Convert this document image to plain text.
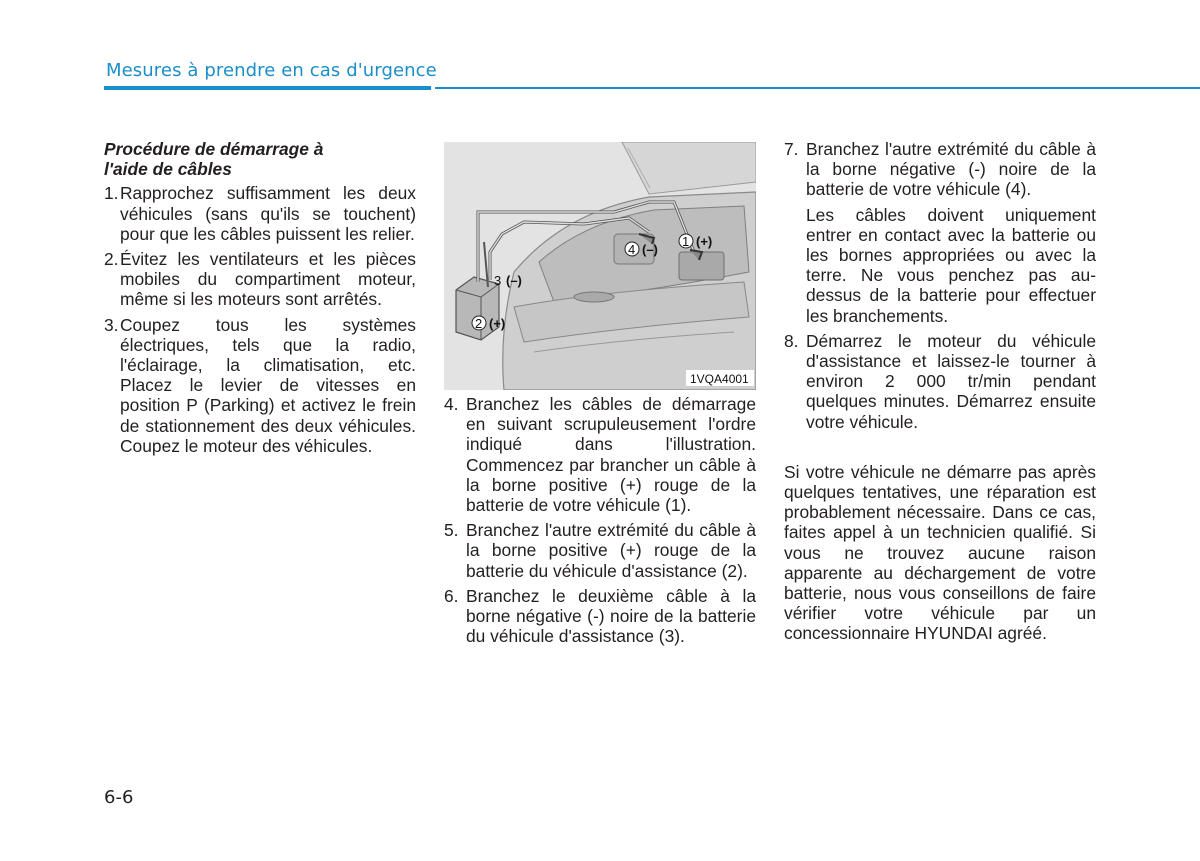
Mesures à prendre en cas d'urgence

Procédure de démarrage à
l'aide de câbles

1. Rapprochez suffisamment les deux véhicules (sans qu'ils se touchent) pour que les câbles puissent les relier.
2. Évitez les ventilateurs et les pièces mobiles du compartiment moteur, même si les moteurs sont arrêtés.
3. Coupez tous les systèmes électriques, tels que la radio, l'éclairage, la climatisation, etc. Placez le levier de vitesses en position P (Parking) et activez le frein de stationnement des deux véhicules. Coupez le moteur des véhicules.
1 (+)
4 (–)
3 (–)
2 (+)
1VQA4001
4. Branchez les câbles de démarrage en suivant scrupuleusement l'ordre indiqué dans l'illustration. Commencez par brancher un câble à la borne positive (+) rouge de la batterie de votre véhicule (1).
5. Branchez l'autre extrémité du câble à la borne positive (+) rouge de la batterie du véhicule d'assistance (2).
6. Branchez le deuxième câble à la borne négative (-) noire de la batterie du véhicule d'assistance (3).
7. Branchez l'autre extrémité du câble à la borne négative (-) noire de la batterie de votre véhicule (4).
Les câbles doivent uniquement entrer en contact avec la batterie ou les bornes appropriées ou avec la terre. Ne vous penchez pas au-dessus de la batterie pour effectuer les branchements.
8. Démarrez le moteur du véhicule d'assistance et laissez-le tourner à environ 2 000 tr/min pendant quelques minutes. Démarrez ensuite votre véhicule.
Si votre véhicule ne démarre pas après quelques tentatives, une réparation est probablement nécessaire. Dans ce cas, faites appel à un technicien qualifié. Si vous ne trouvez aucune raison apparente au déchargement de votre batterie, nous vous conseillons de faire vérifier votre véhicule par un concessionnaire HYUNDAI agréé.
6-6
